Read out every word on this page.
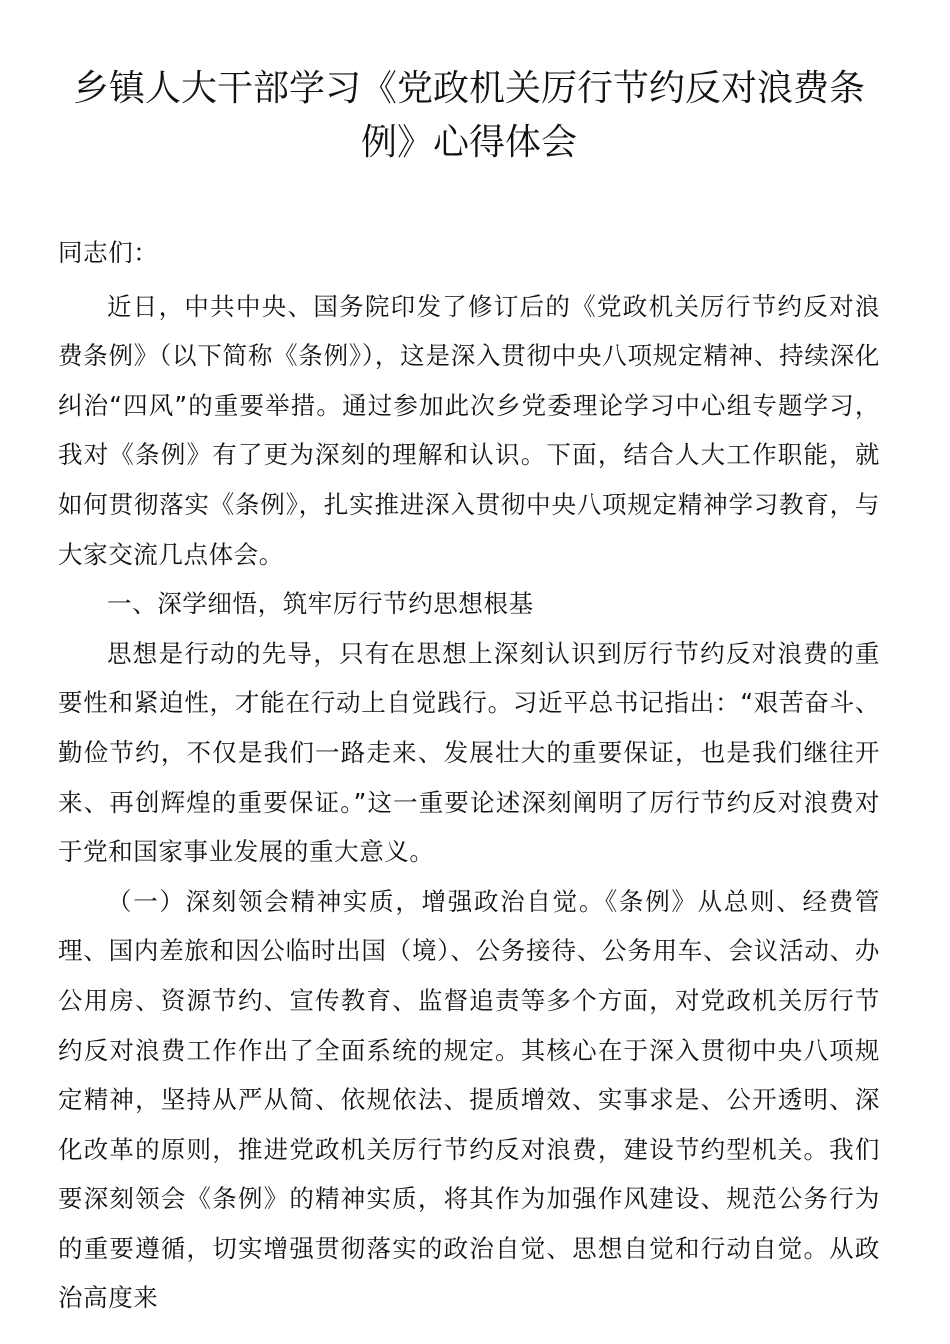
乡镇人大干部学习《党政机关厉行节约反对浪费条例》心得体会

同志们：

近日，中共中央、国务院印发了修订后的《党政机关厉行节约反对浪费条例》（以下简称《条例》），这是深入贯彻中央八项规定精神、持续深化纠治“四风”的重要举措。通过参加此次乡党委理论学习中心组专题学习，我对《条例》有了更为深刻的理解和认识。下面，结合人大工作职能，就如何贯彻落实《条例》，扎实推进深入贯彻中央八项规定精神学习教育，与大家交流几点体会。

一、深学细悟，筑牢厉行节约思想根基

思想是行动的先导，只有在思想上深刻认识到厉行节约反对浪费的重要性和紧迫性，才能在行动上自觉践行。习近平总书记指出：“艰苦奋斗、勤俭节约，不仅是我们一路走来、发展壮大的重要保证，也是我们继往开来、再创辉煌的重要保证。”这一重要论述深刻阐明了厉行节约反对浪费对于党和国家事业发展的重大意义。

（一）深刻领会精神实质，增强政治自觉。《条例》从总则、经费管理、国内差旅和因公临时出国（境）、公务接待、公务用车、会议活动、办公用房、资源节约、宣传教育、监督追责等多个方面，对党政机关厉行节约反对浪费工作作出了全面系统的规定。其核心在于深入贯彻中央八项规定精神，坚持从严从简、依规依法、提质增效、实事求是、公开透明、深化改革的原则，推进党政机关厉行节约反对浪费，建设节约型机关。我们要深刻领会《条例》的精神实质，将其作为加强作风建设、规范公务行为的重要遵循，切实增强贯彻落实的政治自觉、思想自觉和行动自觉。从政治高度来
